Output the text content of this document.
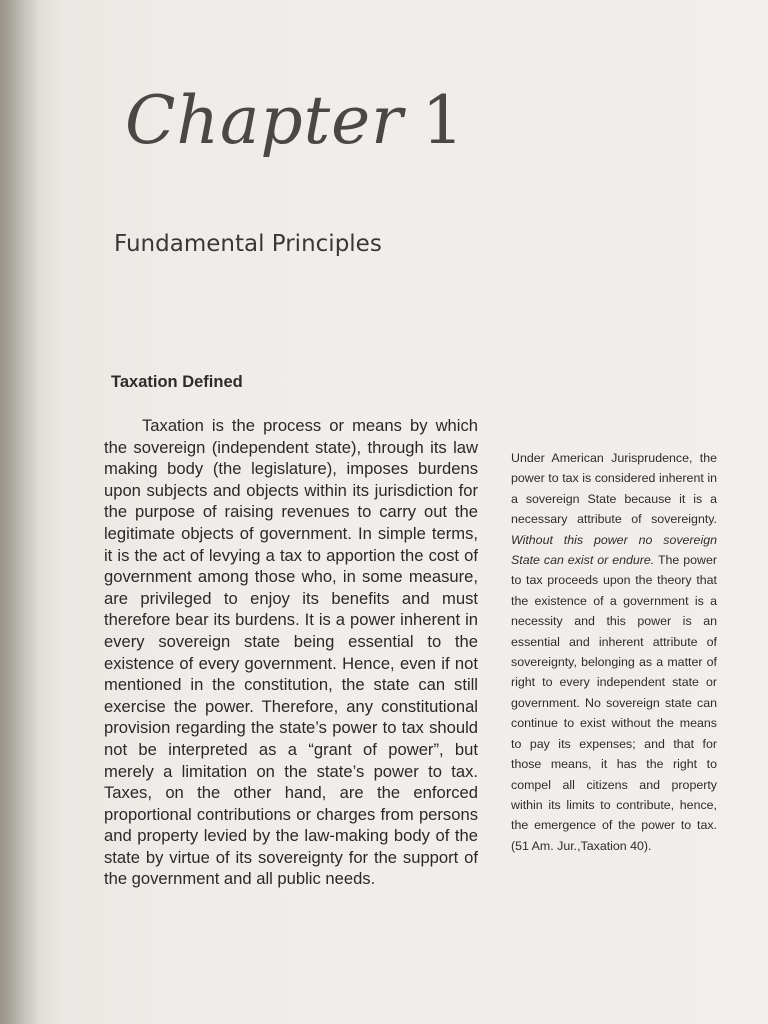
Chapter 1
Fundamental Principles
Taxation Defined

Taxation is the process or means by which the sovereign (independent state), through its law making body (the legislature), imposes burdens upon subjects and objects within its jurisdiction for the purpose of raising revenues to carry out the legitimate objects of government. In simple terms, it is the act of levying a tax to apportion the cost of government among those who, in some measure, are privileged to enjoy its benefits and must therefore bear its burdens. It is a power inherent in every sovereign state being essential to the existence of every government. Hence, even if not mentioned in the constitution, the state can still exercise the power. Therefore, any constitutional provision regarding the state’s power to tax should not be interpreted as a “grant of power”, but merely a limitation on the state’s power to tax. Taxes, on the other hand, are the enforced proportional contributions or charges from persons and property levied by the law-making body of the state by virtue of its sovereignty for the support of the government and all public needs.

Under American Jurisprudence, the power to tax is considered inherent in a sovereign State because it is a necessary attribute of sovereignty. Without this power no sovereign State can exist or endure. The power to tax proceeds upon the theory that the existence of a government is a necessity and this power is an essential and inherent attribute of sovereignty, belonging as a matter of right to every independent state or government. No sovereign state can continue to exist without the means to pay its expenses; and that for those means, it has the right to compel all citizens and property within its limits to contribute, hence, the emergence of the power to tax. (51 Am. Jur.,Taxation 40).
